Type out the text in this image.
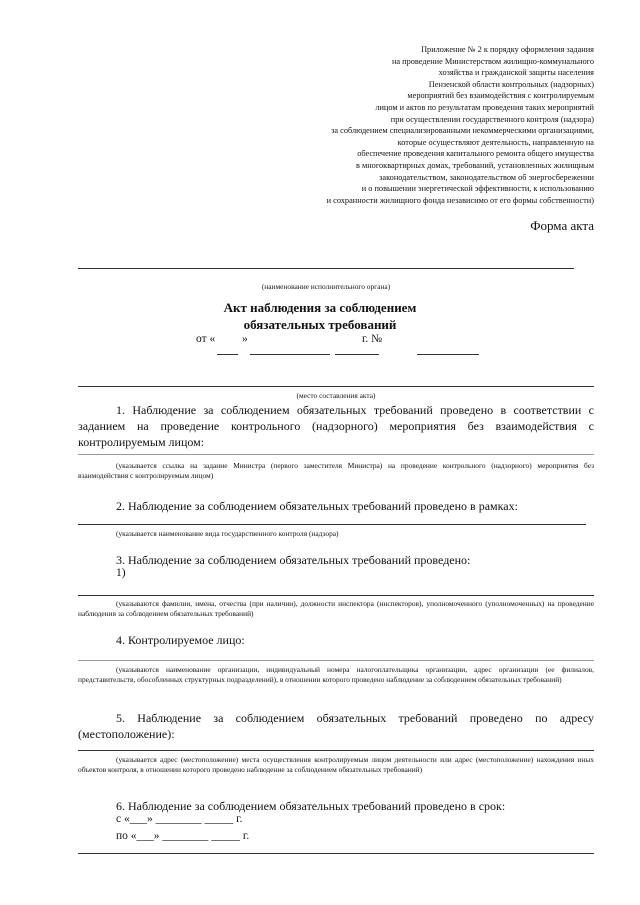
Приложение № 2 к порядку оформления задания
на проведение Министерством жилищно-коммунального
хозяйства и гражданской защиты населения
Пензенской области контрольных (надзорных)
мероприятий без взаимодействия с контролируемым
лицом и актов по результатам проведения таких мероприятий
при осуществлении государственного контроля (надзора)
за соблюдением специализированными некоммерческими организациями,
которые осуществляют деятельность, направленную на
обеспечение проведения капитального ремонта общего имущества
в многоквартирных домах, требований, установленных жилищным
законодательством, законодательством об энергосбережении
и о повышении энергетической эффективности, к использованию
и сохранности жилищного фонда независимо от его формы собственности)
Форма акта
(наименование исполнительного органа)
Акт наблюдения за соблюдением
обязательных требований
от « »	г. №
(место составления акта)
1. Наблюдение за соблюдением обязательных требований проведено в соответствии с заданием на проведение контрольного (надзорного) мероприятия без взаимодействия с контролируемым лицом:
(указывается ссылка на задание Министра (первого заместителя Министра) на проведение контрольного (надзорного) мероприятия без взаимодействия с контролируемым лицом)
2. Наблюдение за соблюдением обязательных требований проведено в рамках:
(указывается наименование вида государственного контроля (надзора)
3. Наблюдение за соблюдением обязательных требований проведено:
1)
(указываются фамилии, имена, отчества (при наличии), должности инспектора (инспекторов), уполномоченного (уполномоченных) на проведение наблюдения за соблюдением обязательных требований)
4. Контролируемое лицо:
(указываются наименование организации, индивидуальный номера налогоплательщика организации, адрес организации (ее филиалов, представительств, обособленных структурных подразделений), в отношении которого проведено наблюдение за соблюдением обязательных требований)
5. Наблюдение за соблюдением обязательных требований проведено по адресу (местоположение):
(указывается адрес (местоположение) места осуществления контролируемым лицом деятельности или адрес (местоположение) нахождения иных объектов контроля, в отношении которого проведено наблюдение за соблюдением обязательных требований)
6. Наблюдение за соблюдением обязательных требований проведено в срок:
с «___» ________ _____ г.
по «___» ________ _____ г.
